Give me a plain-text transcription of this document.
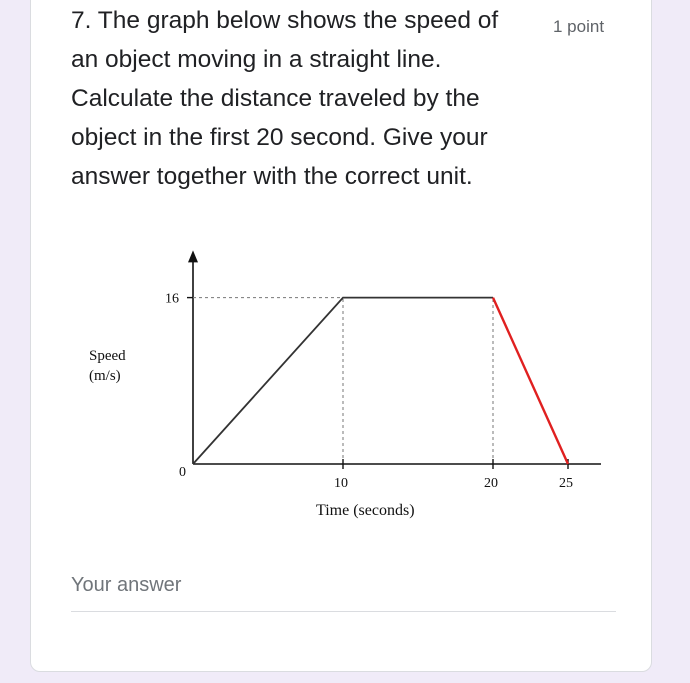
7. The graph below shows the speed of an object moving in a straight line. Calculate the distance traveled by the object in the first 20 second. Give your answer together with the correct unit.
1 point
16
10	20	25
0
Speed
(m/s)
Time (seconds)
Your answer
